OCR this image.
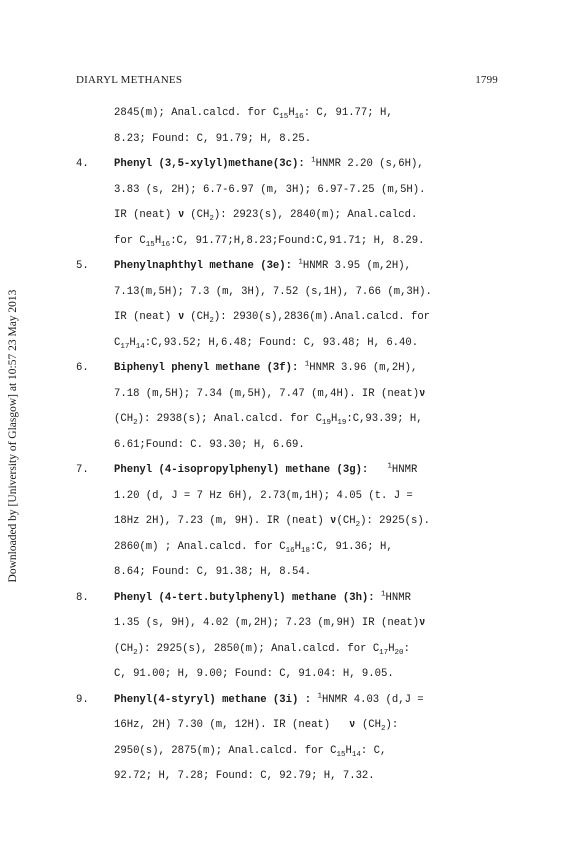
DIARYL METHANES	1799
Downloaded by [University of Glasgow] at 10:57 23 May 2013
2845(m); Anal.calcd. for $C_{15}H_{16}$: C, 91.77; H,
8.23; Found: C, 91.79; H, 8.25.
4. Phenyl (3,5-xylyl)methane(3c): $^1$HNMR 2.20 (s,6H),
3.83 (s, 2H); 6.7-6.97 (m, 3H); 6.97-7.25 (m,5H).
IR (neat) ν $(CH_2)$: 2923(s), 2840(m); Anal.calcd.
for $C_{15}H_{16}:C$, 91.77;H,8.23;Found:C,91.71; H, 8.29.
5. Phenylnaphthyl methane (3e): $^1$HNMR 3.95 (m,2H),
7.13(m,5H); 7.3 (m, 3H), 7.52 (s,1H), 7.66 (m,3H).
IR (neat) ν $(CH_2)$: 2930(s),2836(m).Anal.calcd. for
$C_{17}H_{14}:C,93.52$; H,6.48; Found: C, 93.48; H, 6.40.
6. Biphenyl phenyl methane (3f): $^1$HNMR 3.96 (m,2H),
7.18 (m,5H); 7.34 (m,5H), 7.47 (m,4H). IR (neat)ν
$(CH_2)$: 2938(s); Anal.calcd. for $C_{19}H_{19}:C,93.39$; H,
6.61;Found: C. 93.30; H, 6.69.
7. Phenyl (4-isopropylphenyl) methane (3g):	$^1$HNMR
1.20 (d, J = 7 Hz 6H), 2.73(m,1H); 4.05 (t. J =
18Hz 2H), 7.23 (m, 9H). IR (neat) $\nu(CH_2)$: 2925(s).
2860(m) ; Anal.calcd. for $C_{16}H_{18}:C$, 91.36; H,
8.64; Found: C, 91.38; H, 8.54.
8. Phenyl (4-tert.butylphenyl) methane (3h): $^1$HNMR
1.35 (s, 9H), 4.02 (m,2H); 7.23 (m,9H) IR (neat)ν
$(CH_2)$: 2925(s), 2850(m); Anal.calcd. for $C_{17}H_{20}$:
C, 91.00; H, 9.00; Found: C, 91.04: H, 9.05.
9. Phenyl(4-styryl) methane (3i) : $^1$HNMR 4.03 (d,J =
16Hz, 2H) 7.30 (m, 12H). IR (neat) ν $(CH_2)$:
2950(s), 2875(m); Anal.calcd. for $C_{15}H_{14}$: C,
92.72; H, 7.28; Found: C, 92.79; H, 7.32.
